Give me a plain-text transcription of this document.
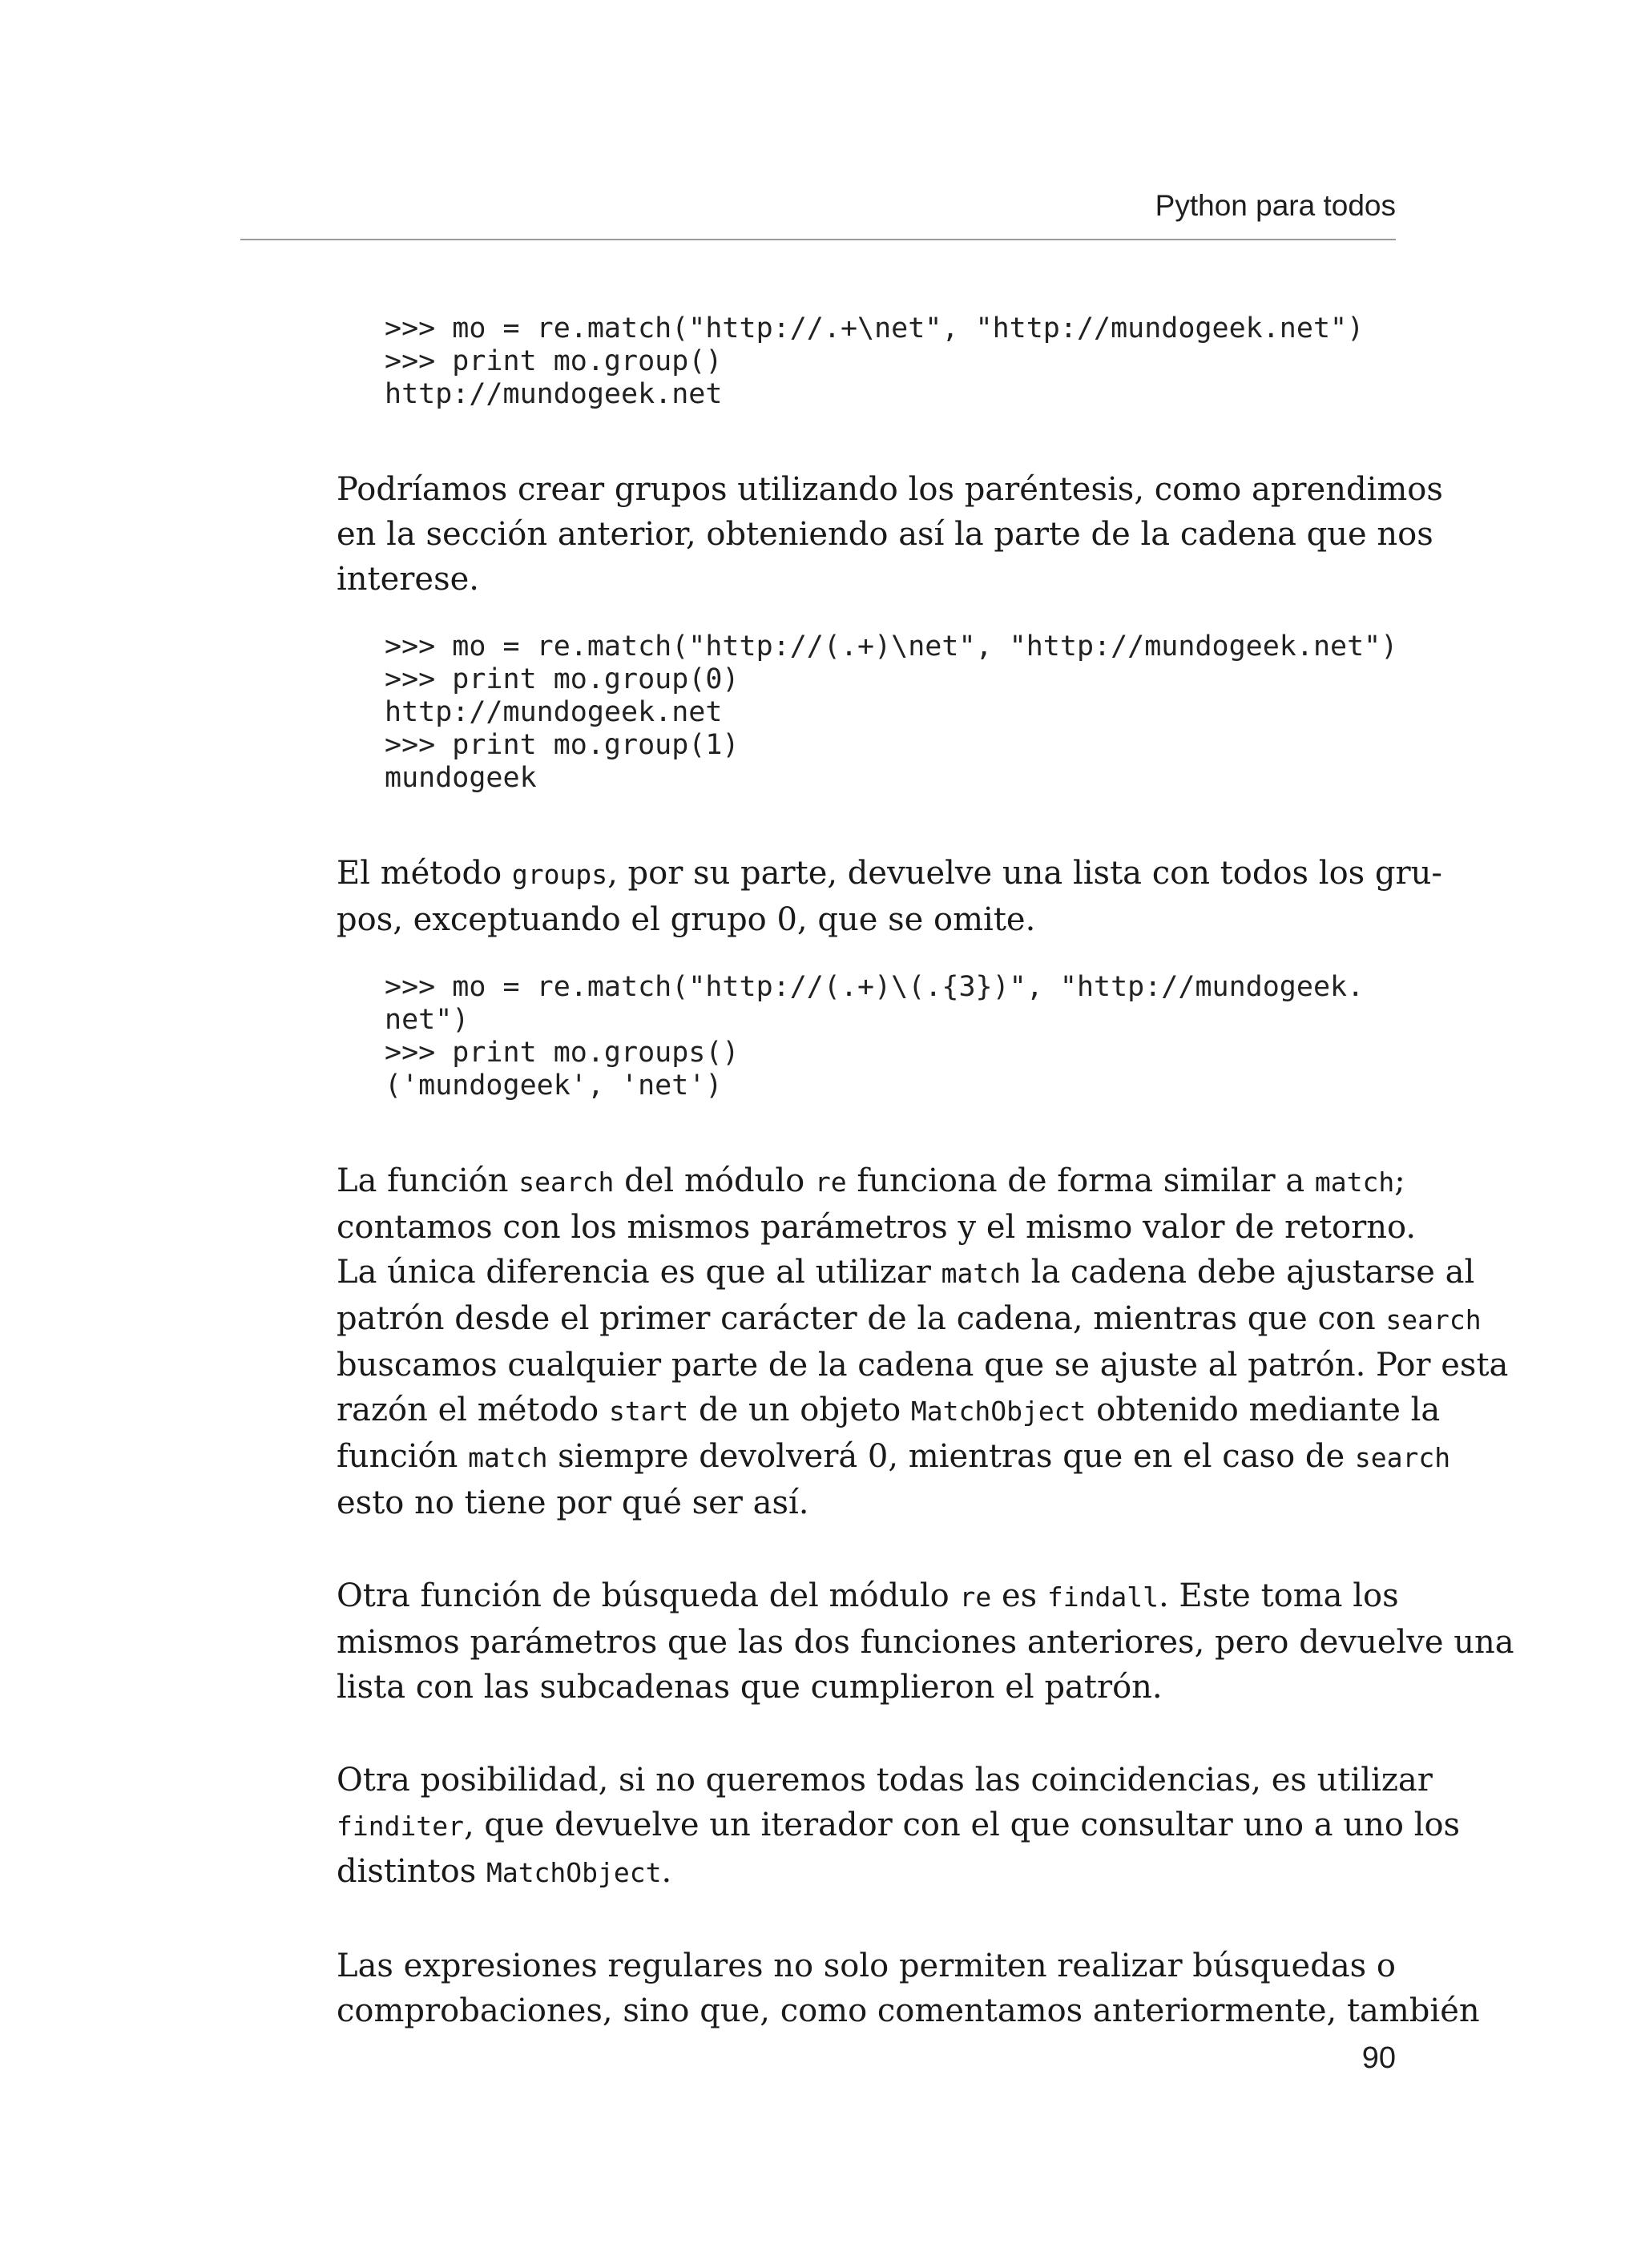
Python para todos
>>> mo = re.match("http://.+\net", "http://mundogeek.net")
>>> print mo.group()
http://mundogeek.net

Podríamos crear grupos utilizando los paréntesis, como aprendimos
en la sección anterior, obteniendo así la parte de la cadena que nos
interese.

>>> mo = re.match("http://(.+)\net", "http://mundogeek.net")
>>> print mo.group(0)
http://mundogeek.net
>>> print mo.group(1)
mundogeek

El método groups, por su parte, devuelve una lista con todos los gru-
pos, exceptuando el grupo 0, que se omite.

>>> mo = re.match("http://(.+)\(.{3})", "http://mundogeek.
net")
>>> print mo.groups()
('mundogeek', 'net')

La función search del módulo re funciona de forma similar a match;
contamos con los mismos parámetros y el mismo valor de retorno.
La única diferencia es que al utilizar match la cadena debe ajustarse al
patrón desde el primer carácter de la cadena, mientras que con search
buscamos cualquier parte de la cadena que se ajuste al patrón. Por esta
razón el método start de un objeto MatchObject obtenido mediante la
función match siempre devolverá 0, mientras que en el caso de search
esto no tiene por qué ser así.

Otra función de búsqueda del módulo re es findall. Este toma los
mismos parámetros que las dos funciones anteriores, pero devuelve una
lista con las subcadenas que cumplieron el patrón.

Otra posibilidad, si no queremos todas las coincidencias, es utilizar
finditer, que devuelve un iterador con el que consultar uno a uno los
distintos MatchObject.

Las expresiones regulares no solo permiten realizar búsquedas o
comprobaciones, sino que, como comentamos anteriormente, también

90
